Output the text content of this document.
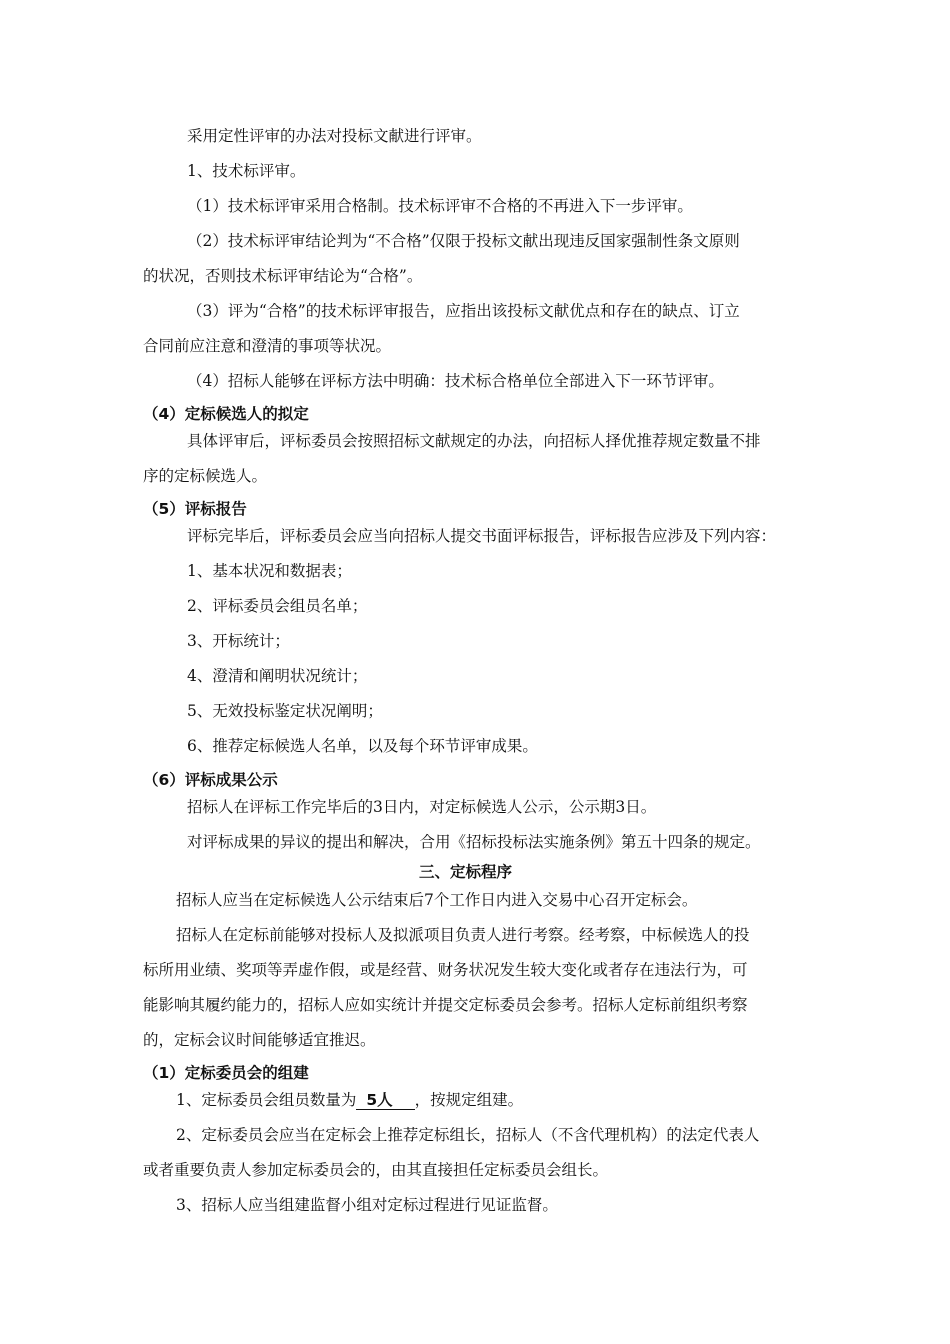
采用定性评审的办法对投标文献进行评审。

1、技术标评审。

（1）技术标评审采用合格制。技术标评审不合格的不再进入下一步评审。

（2）技术标评审结论判为“不合格”仅限于投标文献出现违反国家强制性条文原则

的状况，否则技术标评审结论为“合格”。

（3）评为“合格”的技术标评审报告，应指出该投标文献优点和存在的缺点、订立

合同前应注意和澄清的事项等状况。

（4）招标人能够在评标方法中明确：技术标合格单位全部进入下一环节评审。

（4）定标候选人的拟定

具体评审后，评标委员会按照招标文献规定的办法，向招标人择优推荐规定数量不排

序的定标候选人。

（5）评标报告

评标完毕后，评标委员会应当向招标人提交书面评标报告，评标报告应涉及下列内容：

1、基本状况和数据表；

2、评标委员会组员名单；

3、开标统计；

4、澄清和阐明状况统计；

5、无效投标鉴定状况阐明；

6、推荐定标候选人名单，以及每个环节评审成果。

（6）评标成果公示

招标人在评标工作完毕后的3日内，对定标候选人公示，公示期3日。

对评标成果的异议的提出和解决，合用《招标投标法实施条例》第五十四条的规定。

三、定标程序

招标人应当在定标候选人公示结束后7个工作日内进入交易中心召开定标会。

招标人在定标前能够对投标人及拟派项目负责人进行考察。经考察，中标候选人的投

标所用业绩、奖项等弄虚作假，或是经营、财务状况发生较大变化或者存在违法行为，可

能影响其履约能力的，招标人应如实统计并提交定标委员会参考。招标人定标前组织考察

的，定标会议时间能够适宜推迟。

（1）定标委员会的组建

1、定标委员会组员数量为 5人 ，按规定组建。

2、定标委员会应当在定标会上推荐定标组长，招标人（不含代理机构）的法定代表人

或者重要负责人参加定标委员会的，由其直接担任定标委员会组长。

3、招标人应当组建监督小组对定标过程进行见证监督。
